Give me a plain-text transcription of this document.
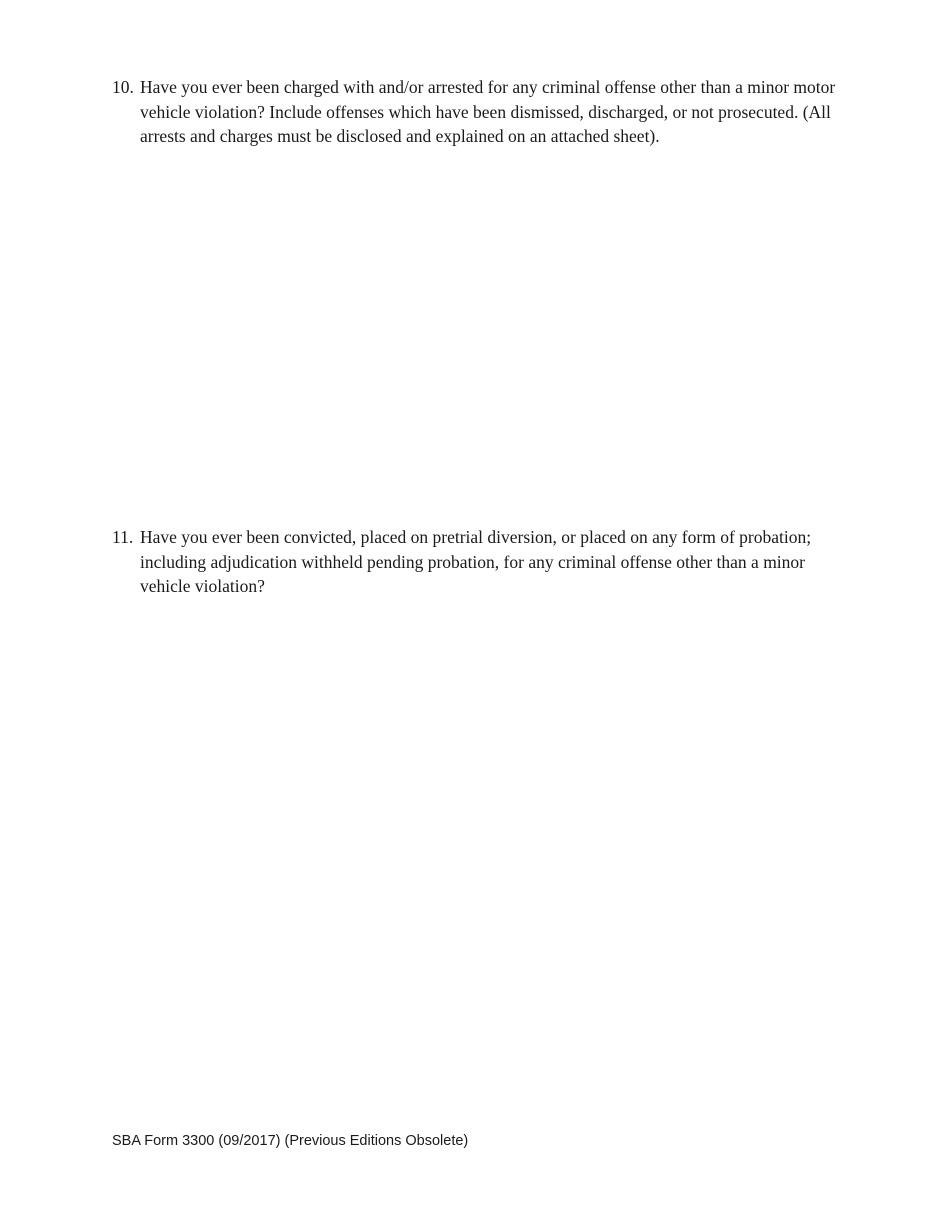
10. Have you ever been charged with and/or arrested for any criminal offense other than a minor motor vehicle violation? Include offenses which have been dismissed, discharged, or not prosecuted. (All arrests and charges must be disclosed and explained on an attached sheet).
11. Have you ever been convicted, placed on pretrial diversion, or placed on any form of probation; including adjudication withheld pending probation, for any criminal offense other than a minor vehicle violation?
SBA Form 3300 (09/2017) (Previous Editions Obsolete)
